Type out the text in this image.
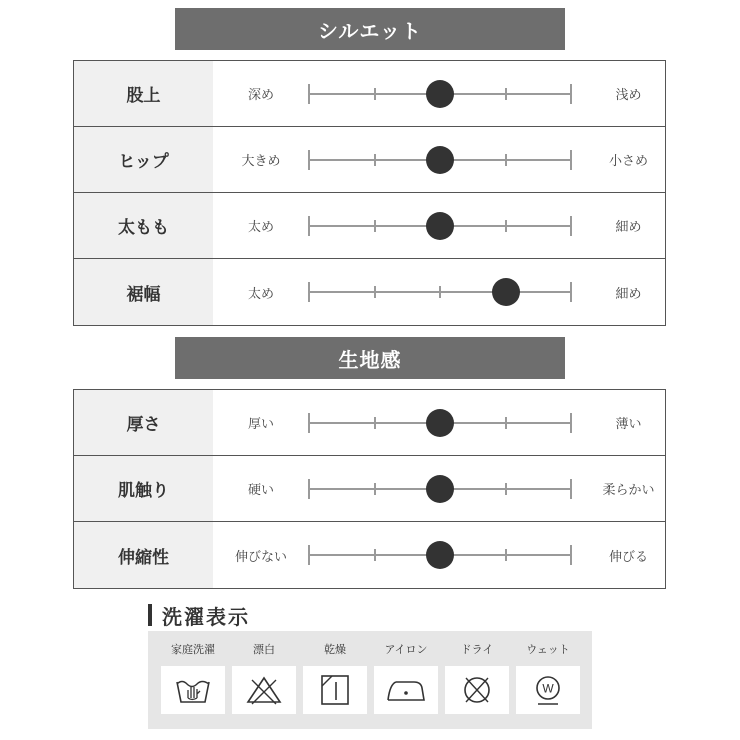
シルエット
股上	深め	浅め
ヒップ	大きめ	小さめ
太もも	太め	細め
裾幅	太め	細め
生地感
厚さ	厚い	薄い
肌触り	硬い	柔らかい
伸縮性	伸びない	伸びる
洗濯表示
家庭洗濯	漂白	乾燥	アイロン	ドライ	ウェット
W
